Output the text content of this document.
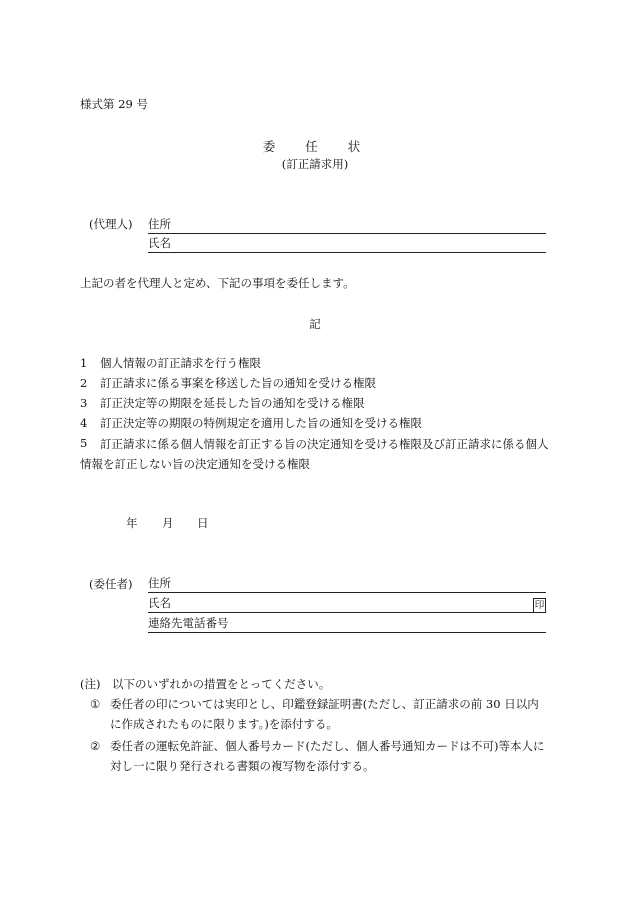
様式第 29 号
委 任 状
(訂正請求用)
(代理人) 住所
氏名
上記の者を代理人と定め、下記の事項を委任します。
記
1	個人情報の訂正請求を行う権限
2	訂正請求に係る事案を移送した旨の通知を受ける権限
3	訂正決定等の期限を延長した旨の通知を受ける権限
4	訂正決定等の期限の特例規定を適用した旨の通知を受ける権限
5	訂正請求に係る個人情報を訂正する旨の決定通知を受ける権限及び訂正請求に係る個人情報を訂正しない旨の決定通知を受ける権限
年 月 日
(委任者) 住所
氏名	印
連絡先電話番号
(注)　以下のいずれかの措置をとってください。
① 委任者の印については実印とし、印鑑登録証明書(ただし、訂正請求の前 30 日以内に作成されたものに限ります。)を添付する。
② 委任者の運転免許証、個人番号カード(ただし、個人番号通知カードは不可)等本人に対し一に限り発行される書類の複写物を添付する。
